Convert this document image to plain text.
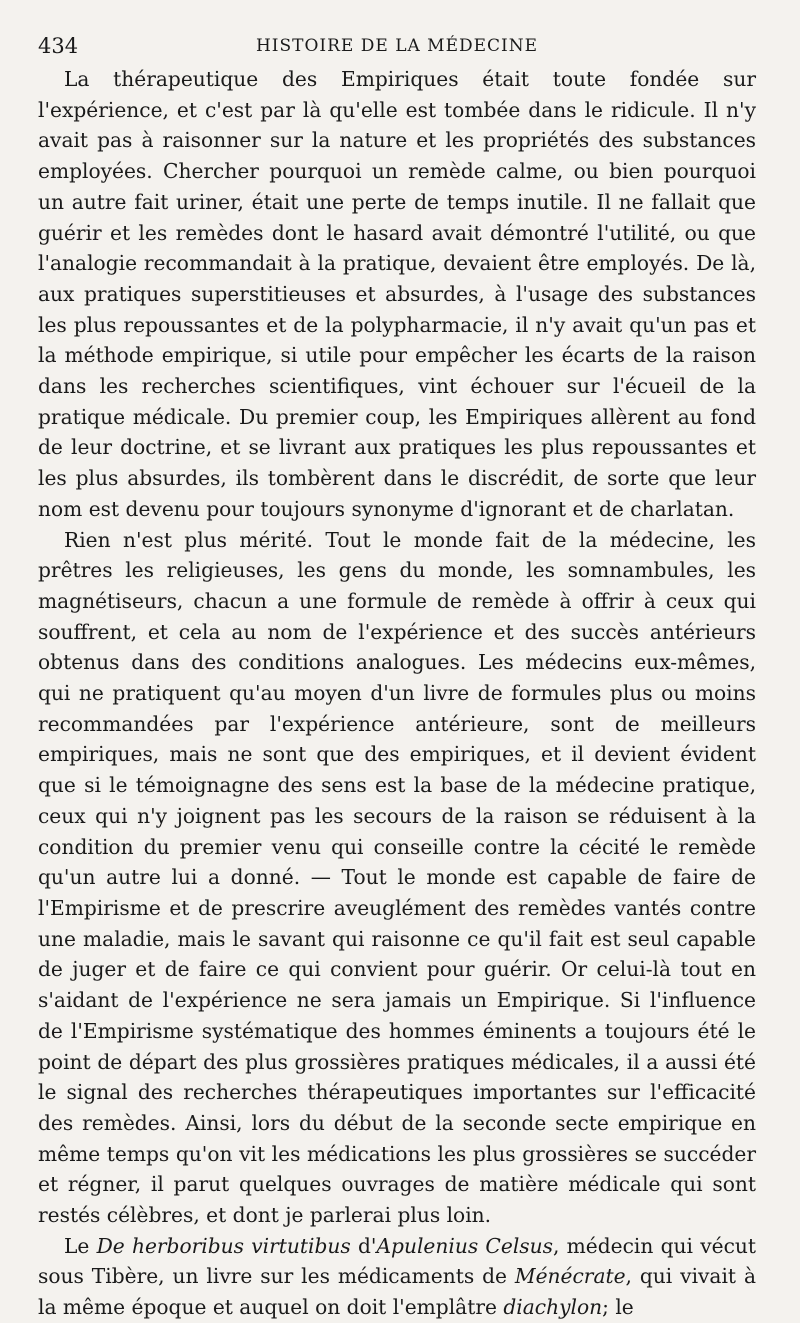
434	HISTOIRE DE LA MÉDECINE

La thérapeutique des Empiriques était toute fondée sur l'expérience, et c'est par là qu'elle est tombée dans le ridicule. Il n'y avait pas à raisonner sur la nature et les propriétés des substances employées. Chercher pourquoi un remède calme, ou bien pourquoi un autre fait uriner, était une perte de temps inutile. Il ne fallait que guérir et les remèdes dont le hasard avait démontré l'utilité, ou que l'analogie recommandait à la pratique, devaient être employés. De là, aux pratiques superstitieuses et absurdes, à l'usage des substances les plus repoussantes et de la polypharmacie, il n'y avait qu'un pas et la méthode empirique, si utile pour empêcher les écarts de la raison dans les recherches scientifiques, vint échouer sur l'écueil de la pratique médicale. Du premier coup, les Empiriques allèrent au fond de leur doctrine, et se livrant aux pratiques les plus repoussantes et les plus absurdes, ils tombèrent dans le discrédit, de sorte que leur nom est devenu pour toujours synonyme d'ignorant et de charlatan.

Rien n'est plus mérité. Tout le monde fait de la médecine, les prêtres les religieuses, les gens du monde, les somnambules, les magnétiseurs, chacun a une formule de remède à offrir à ceux qui souffrent, et cela au nom de l'expérience et des succès antérieurs obtenus dans des conditions analogues. Les médecins eux-mêmes, qui ne pratiquent qu'au moyen d'un livre de formules plus ou moins recommandées par l'expérience antérieure, sont de meilleurs empiriques, mais ne sont que des empiriques, et il devient évident que si le témoignagne des sens est la base de la médecine pratique, ceux qui n'y joignent pas les secours de la raison se réduisent à la condition du premier venu qui conseille contre la cécité le remède qu'un autre lui a donné. — Tout le monde est capable de faire de l'Empirisme et de prescrire aveuglément des remèdes vantés contre une maladie, mais le savant qui raisonne ce qu'il fait est seul capable de juger et de faire ce qui convient pour guérir. Or celui-là tout en s'aidant de l'expérience ne sera jamais un Empirique. Si l'influence de l'Empirisme systématique des hommes éminents a toujours été le point de départ des plus grossières pratiques médicales, il a aussi été le signal des recherches thérapeutiques importantes sur l'efficacité des remèdes. Ainsi, lors du début de la seconde secte empirique en même temps qu'on vit les médications les plus grossières se succéder et régner, il parut quelques ouvrages de matière médicale qui sont restés célèbres, et dont je parlerai plus loin.

Le De herboribus virtutibus d'Apulenius Celsus, médecin qui vécut sous Tibère, un livre sur les médicaments de Ménécrate, qui vivait à la même époque et auquel on doit l'emplâtre diachylon; le
